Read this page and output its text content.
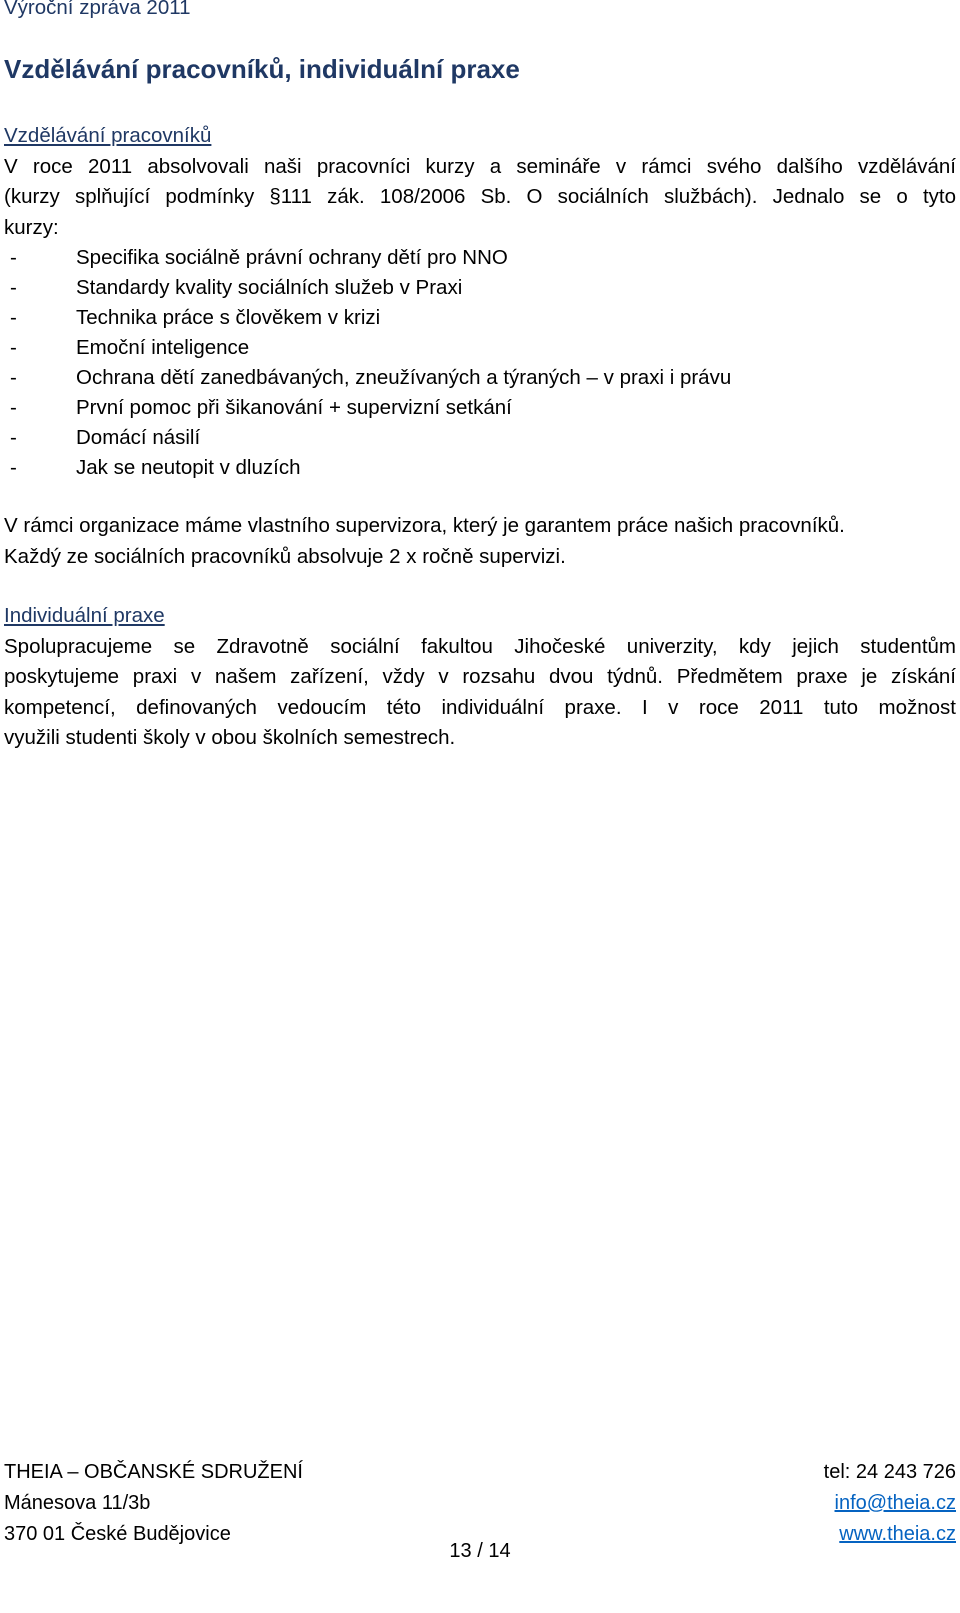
Výroční zpráva 2011
Vzdělávání pracovníků, individuální praxe
Vzdělávání pracovníků
V roce 2011 absolvovali naši pracovníci kurzy a semináře v rámci svého dalšího vzdělávání
(kurzy splňující podmínky §111 zák. 108/2006 Sb. O sociálních službách). Jednalo se o tyto
kurzy:
-	Specifika sociálně právní ochrany dětí pro NNO
-	Standardy kvality sociálních služeb v Praxi
-	Technika práce s člověkem v krizi
-	Emoční inteligence
-	Ochrana dětí zanedbávaných, zneužívaných a týraných – v praxi i právu
-	První pomoc při šikanování + supervizní setkání
-	Domácí násilí
-	Jak se neutopit v dluzích
V rámci organizace máme vlastního supervizora, který je garantem práce našich pracovníků.
Každý ze sociálních pracovníků absolvuje 2 x ročně supervizi.
Individuální praxe
Spolupracujeme se Zdravotně sociální fakultou Jihočeské univerzity, kdy jejich studentům
poskytujeme praxi v našem zařízení, vždy v rozsahu dvou týdnů. Předmětem praxe je získání
kompetencí, definovaných vedoucím této individuální praxe. I v roce 2011 tuto možnost
využili studenti školy v obou školních semestrech.
THEIA – OBČANSKÉ SDRUŽENÍ	tel: 24 243 726
Mánesova 11/3b	info@theia.cz
370 01 České Budějovice	www.theia.cz
13 / 14
